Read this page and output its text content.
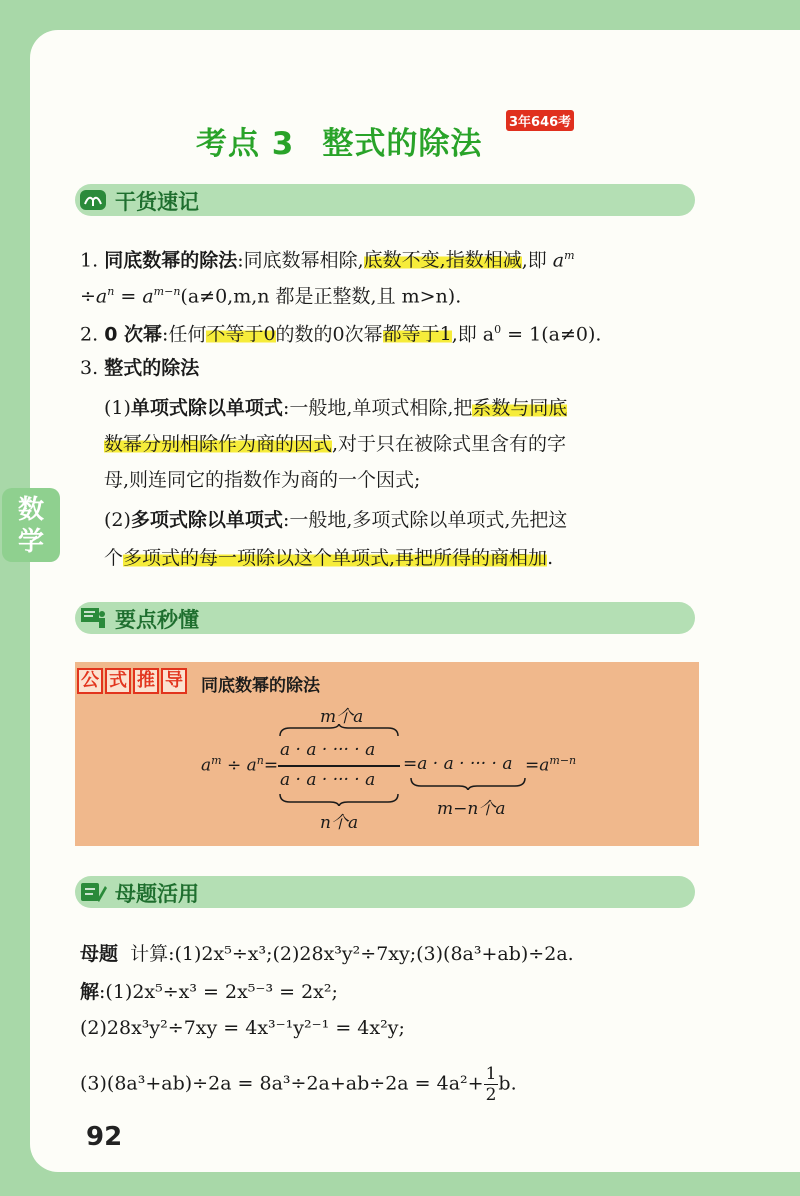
数
学
考点 3 整式的除法
3年646考
干货速记
1. 同底数幂的除法:同底数幂相除,底数不变,指数相减,即 $a^m$
$\div a^n = a^{m-n}(a\ne 0,m,n$ 都是正整数,且 m>n).
2. 0 次幂:任何不等于0的数的0次幂都等于1,即 $a^0 = 1(a\ne 0)$.
3. 整式的除法
(1)单项式除以单项式:一般地,单项式相除,把系数与同底
数幂分别相除作为商的因式,对于只在被除式里含有的字
母,则连同它的指数作为商的一个因式;
(2)多项式除以单项式:一般地,多项式除以单项式,先把这
个多项式的每一项除以这个单项式,再把所得的商相加.
要点秒懂
公 式 推 导	同底数幂的除法
m个a
a · a · ··· · a
a · a · ··· · a
n个a
$a^m \div a^n=$	=a · a · ··· · $a =a^{m-n}$
m−n个a
母题活用
母题 计算:(1)2x⁵÷x³;(2)28x³y²÷7xy;(3)(8a³+ab)÷2a.
解:(1)2x⁵÷x³ = 2x⁵⁻³ = 2x²;
(2)28x³y²÷7xy = 4x³⁻¹y²⁻¹ = 4x²y;
$(3)(8a^3+ab)\div 2a = 8a^3\div 2a+ab\div 2a = 4a^2+ \frac{1}{2} b$.
92
